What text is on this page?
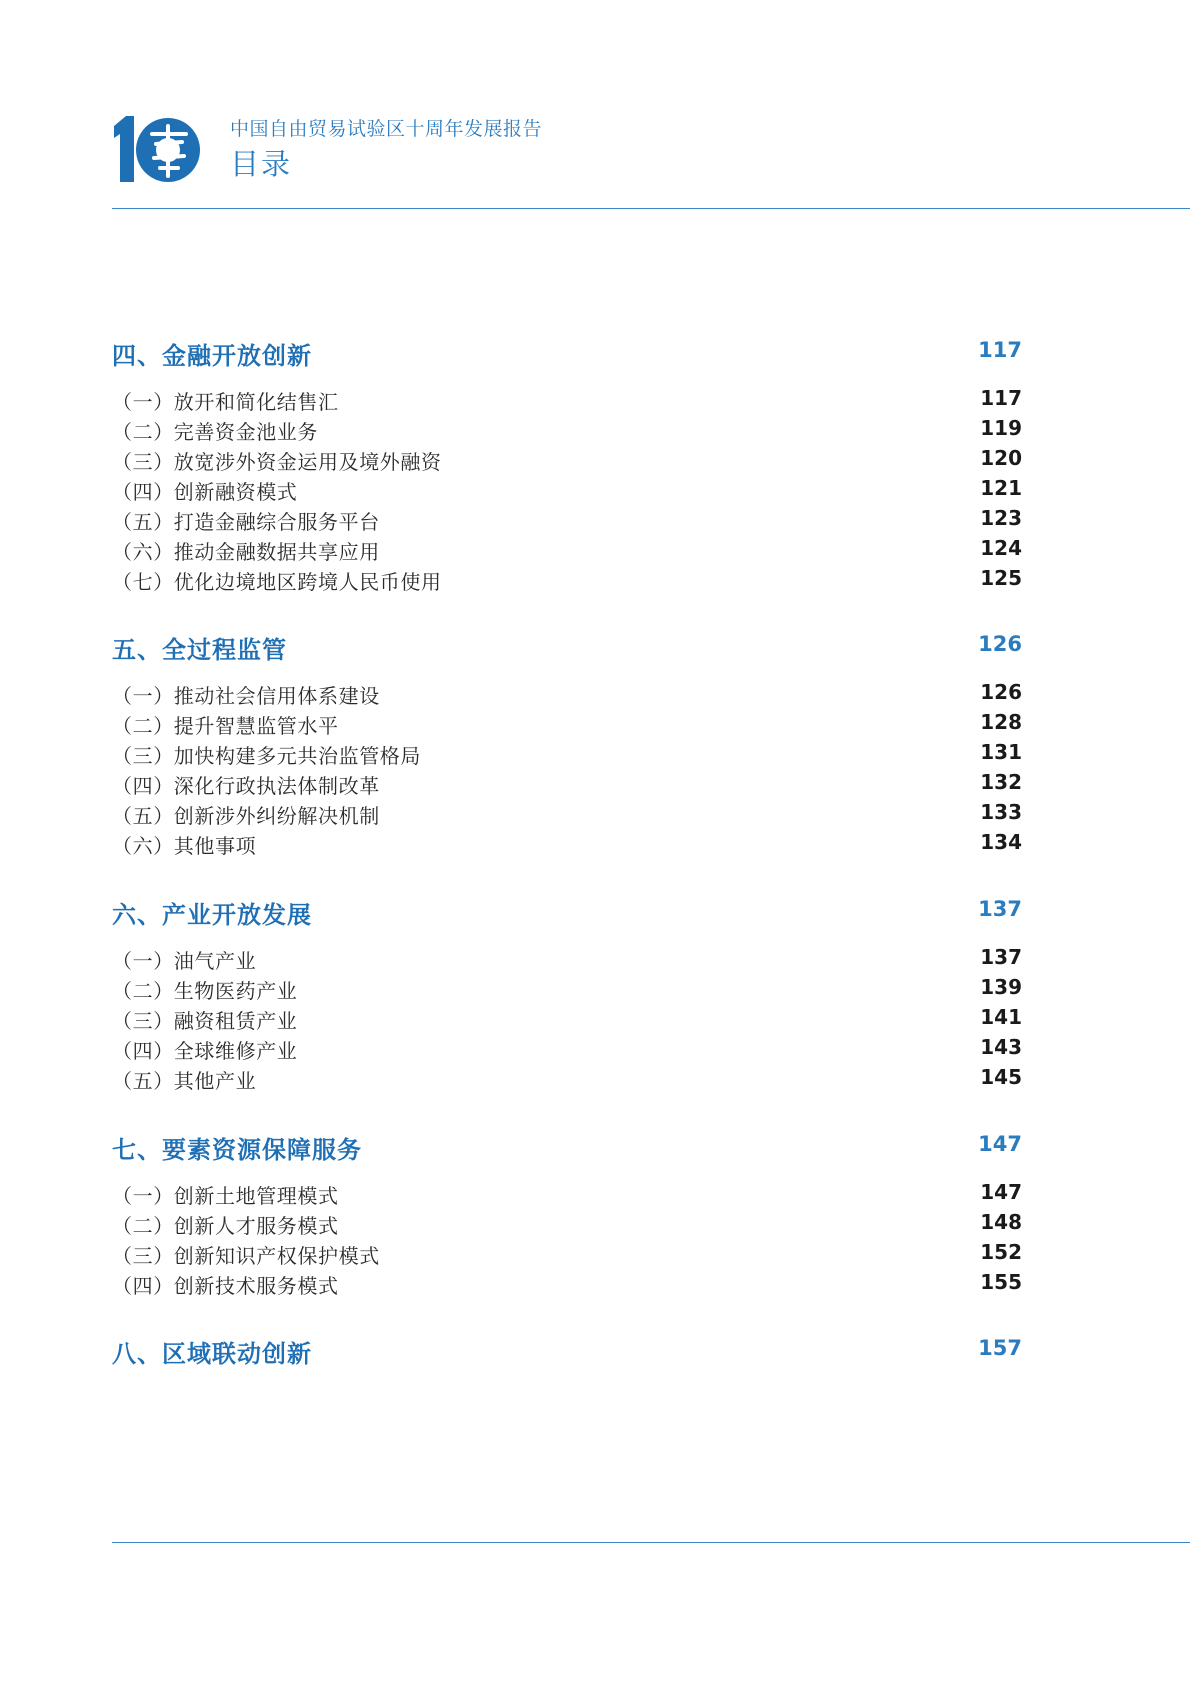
中国自由贸易试验区十周年发展报告
目录
四、金融开放创新	117
（一）放开和简化结售汇	117
（二）完善资金池业务	119
（三）放宽涉外资金运用及境外融资	120
（四）创新融资模式	121
（五）打造金融综合服务平台	123
（六）推动金融数据共享应用	124
（七）优化边境地区跨境人民币使用	125
五、全过程监管	126
（一）推动社会信用体系建设	126
（二）提升智慧监管水平	128
（三）加快构建多元共治监管格局	131
（四）深化行政执法体制改革	132
（五）创新涉外纠纷解决机制	133
（六）其他事项	134
六、产业开放发展	137
（一）油气产业	137
（二）生物医药产业	139
（三）融资租赁产业	141
（四）全球维修产业	143
（五）其他产业	145
七、要素资源保障服务	147
（一）创新土地管理模式	147
（二）创新人才服务模式	148
（三）创新知识产权保护模式	152
（四）创新技术服务模式	155
八、区域联动创新	157
